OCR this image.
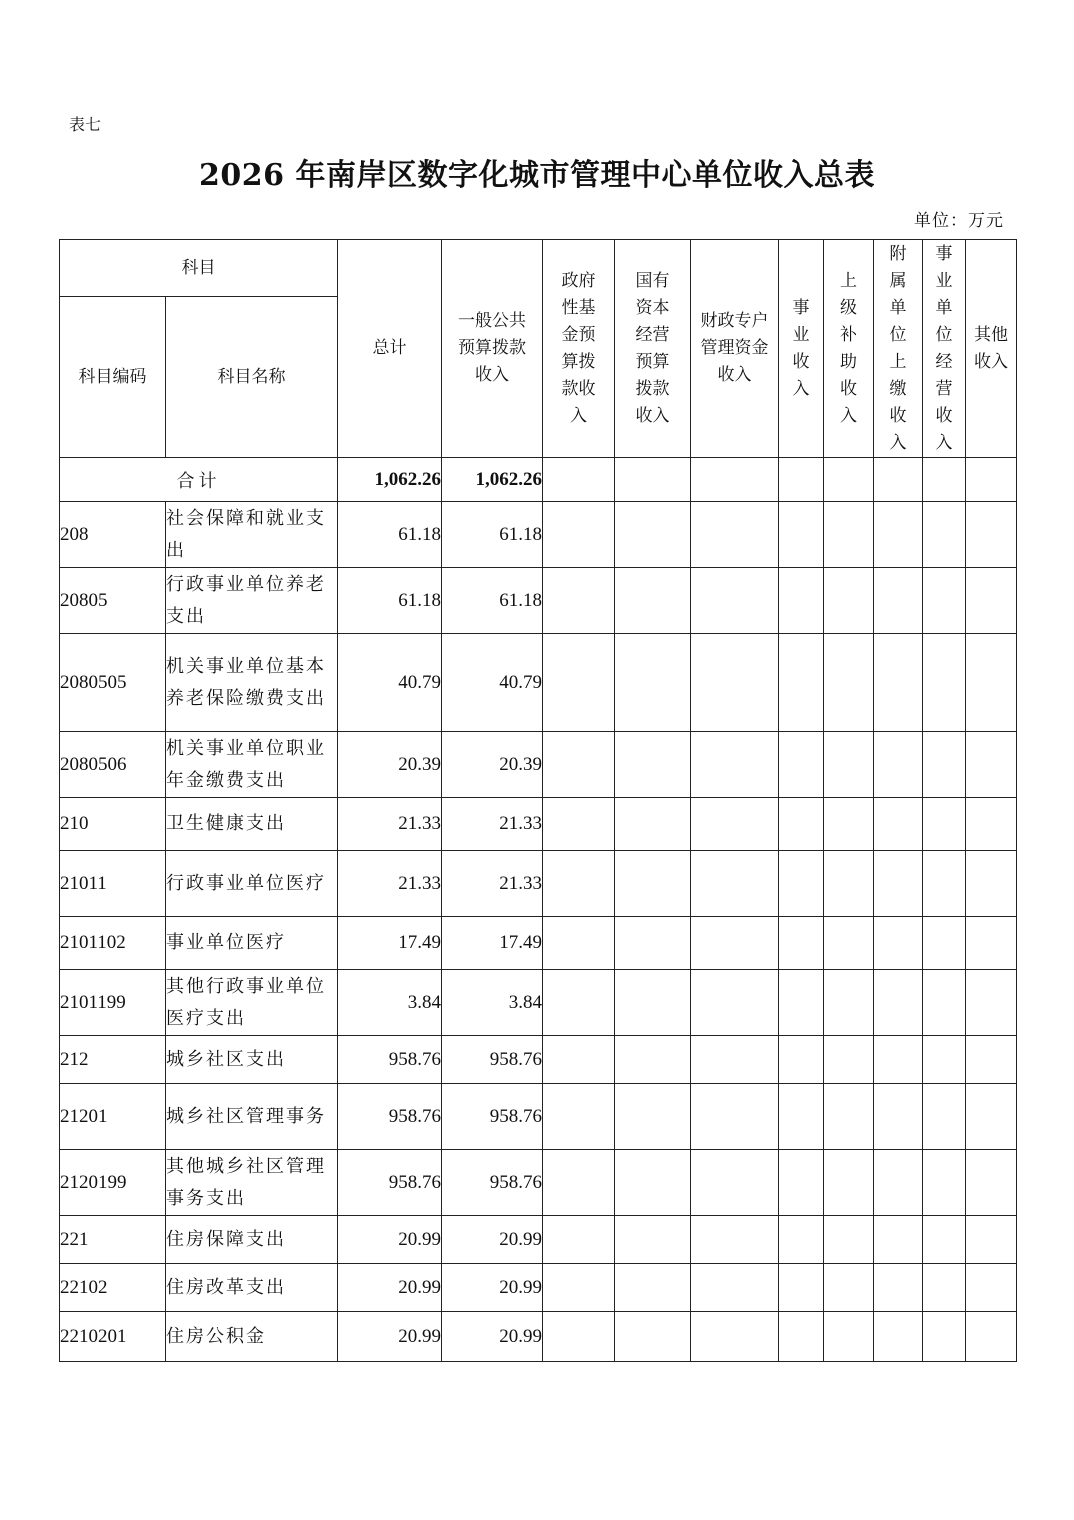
表七
2026 年南岸区数字化城市管理中心单位收入总表
单位：万元
科目		总计	一般公共预算拨款收入	政府性基金预算拨款收入	国有资本经营预算拨款收入	财政专户管理资金收入	事业收入	上级补助收入	附属单位上缴收入	事业单位经营收入	其他收入

科目编码	科目名称										
合计		1,062.26	1,062.26								
208	社会保障和就业支出	61.18	61.18								
20805	行政事业单位养老支出	61.18	61.18								
2080505	机关事业单位基本养老保险缴费支出	40.79	40.79								
2080506	机关事业单位职业年金缴费支出	20.39	20.39								
210	卫生健康支出	21.33	21.33								
21011	行政事业单位医疗	21.33	21.33								
2101102	事业单位医疗	17.49	17.49								
2101199	其他行政事业单位医疗支出	3.84	3.84								
212	城乡社区支出	958.76	958.76								
21201	城乡社区管理事务	958.76	958.76								
2120199	其他城乡社区管理事务支出	958.76	958.76								
221	住房保障支出	20.99	20.99								
22102	住房改革支出	20.99	20.99								
2210201	住房公积金	20.99	20.99								
